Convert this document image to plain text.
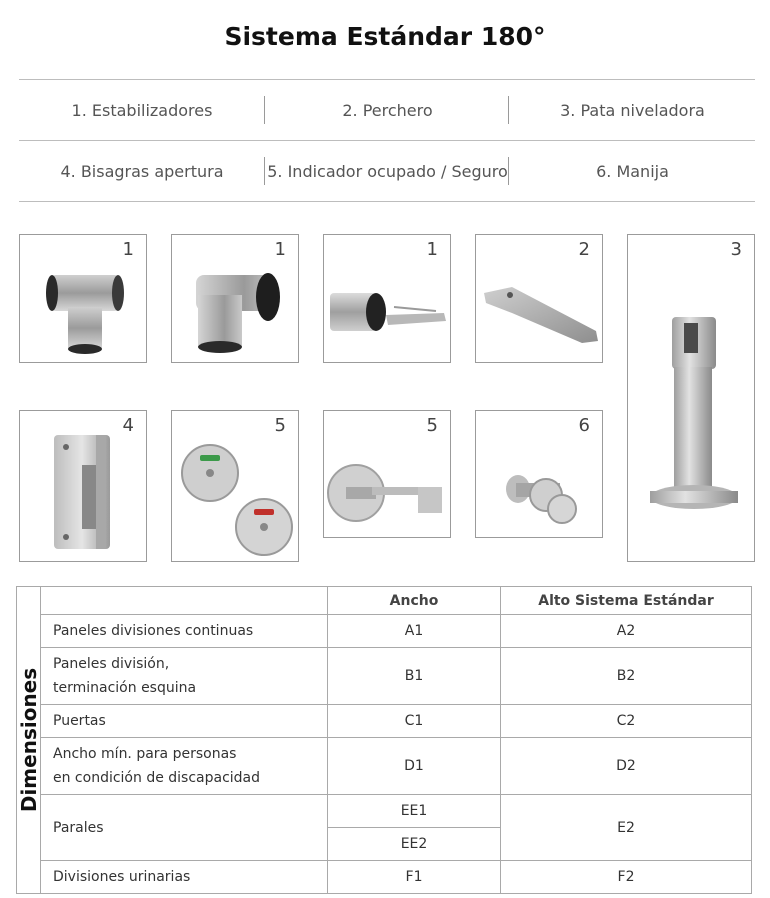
Sistema Estándar 180°
1. Estabilizadores	2. Perchero	3. Pata niveladora
4. Bisagras apertura	5. Indicador ocupado / Seguro	6. Manija
1	1	1	2	3
4	5	5	6
Dimensiones		Ancho	Alto Sistema Estándar
	Paneles divisiones continuas	A1	A2

	Paneles división,
terminación esquina	B1	B2
	Puertas	C1	C2

	Ancho mín. para personas
en condición de discapacidad	D1	D2
	Parales	EE1	E2
		EE2	
	Divisiones urinarias	F1	F2
